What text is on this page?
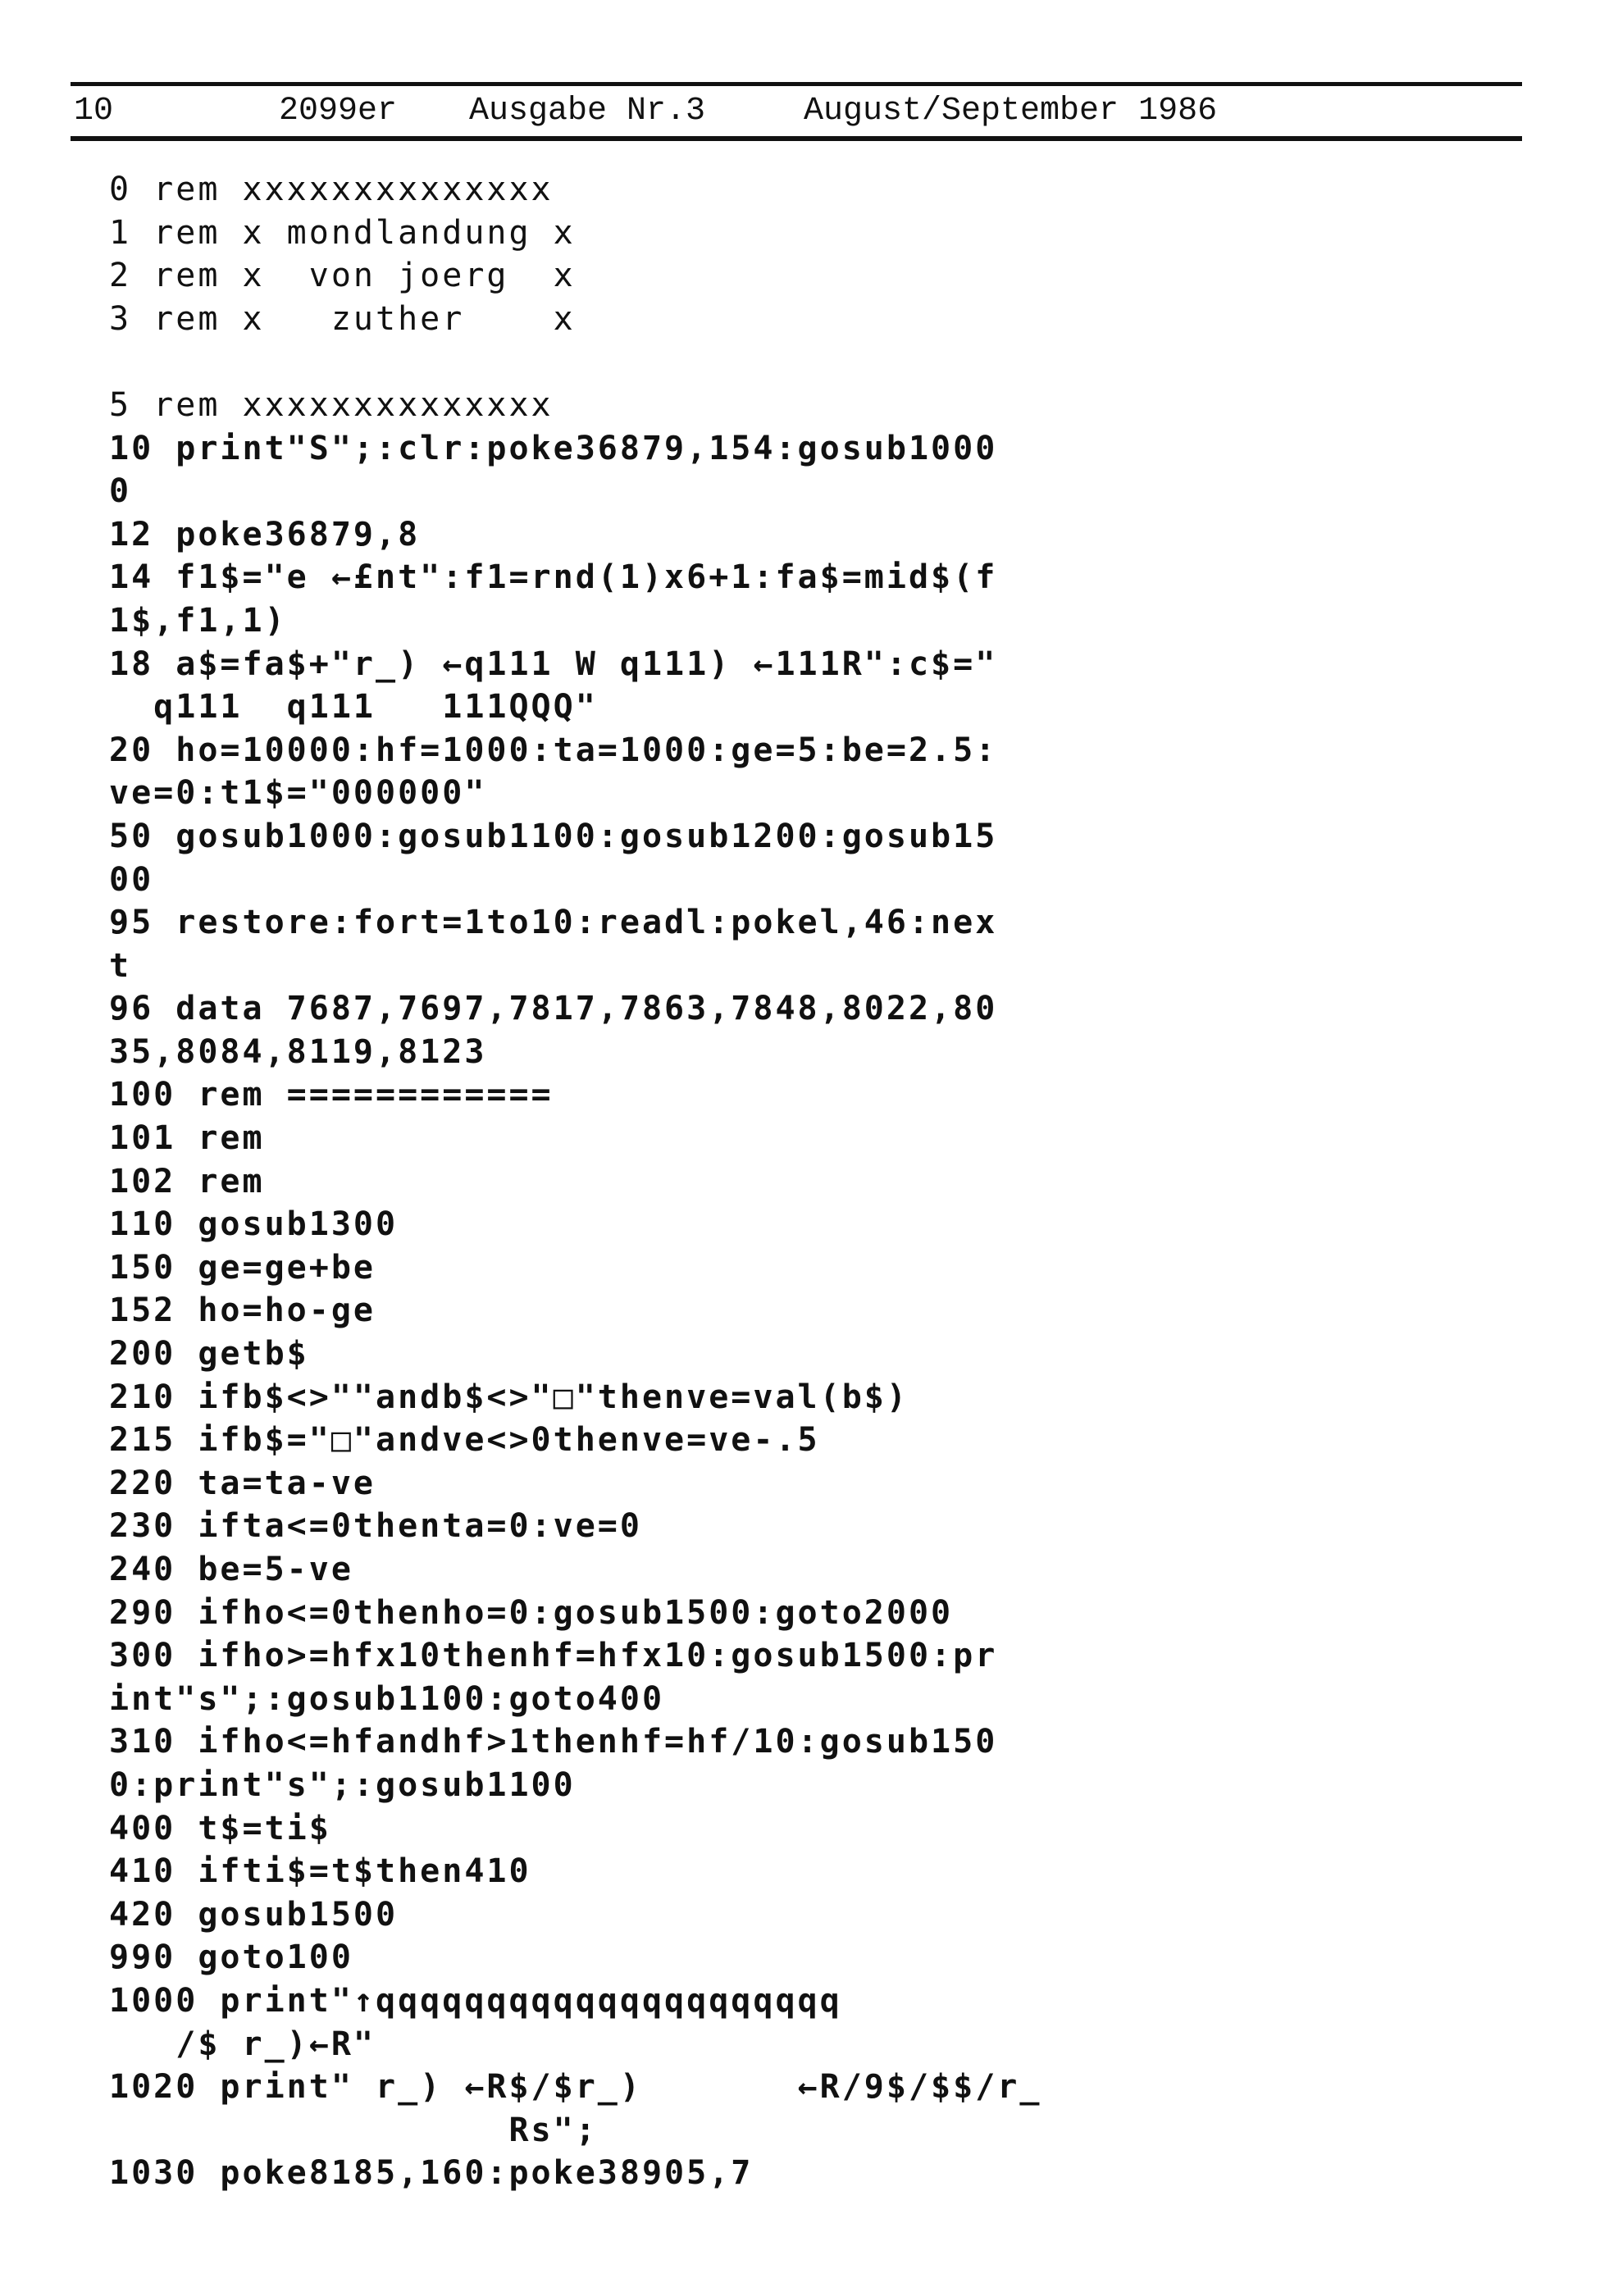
10

	2099er

Ausgabe Nr.3

	August/September 1986

0 rem xxxxxxxxxxxxxx
1 rem x mondlandung x
2 rem x  von joerg  x
3 rem x   zuther    x
5 rem xxxxxxxxxxxxxx
10 print"S";:clr:poke36879,154:gosub1000
0
12 poke36879,8
14 f1$="e ←£nt":f1=rnd(1)x6+1:fa$=mid$(f
1$,f1,1)
18 a$=fa$+"r_) ←q111 W q111) ←111R":c$="
q111  q111   111QQQ"
20 ho=10000:hf=1000:ta=1000:ge=5:be=2.5:
ve=0:t1$="000000"
50 gosub1000:gosub1100:gosub1200:gosub15
00
95 restore:fort=1to10:readl:pokel,46:nex
t
96 data 7687,7697,7817,7863,7848,8022,80
35,8084,8119,8123
100 rem ============
101 rem
102 rem
110 gosub1300
150 ge=ge+be
152 ho=ho-ge
200 getb$
210 ifb$<>""andb$<>"□"thenve=val(b$)
215 ifb$="□"andve<>0thenve=ve-.5
220 ta=ta-ve
230 ifta<=0thenta=0:ve=0
240 be=5-ve
290 ifho<=0thenho=0:gosub1500:goto2000
300 ifho>=hfx10thenhf=hfx10:gosub1500:pr
int"s";:gosub1100:goto400
310 ifho<=hfandhf>1thenhf=hf/10:gosub150
0:print"s";:gosub1100
400 t$=ti$
410 ifti$=t$then410
420 gosub1500
990 goto100
1000 print"↑qqqqqqqqqqqqqqqqqqqqq
/$ r_)←R"
1020 print" r_) ←R$/$r_)       ←R/9$/$$/r_
Rs";
1030 poke8185,160:poke38905,7
